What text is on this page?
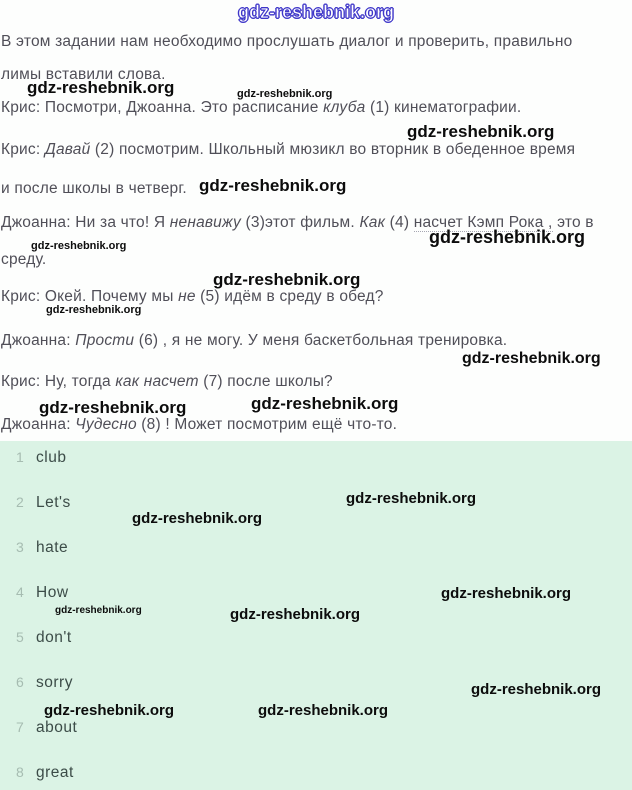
gdz-reshebnik.org

В этом задании нам необходимо прослушать диалог и проверить, правильно

лимы вставили слова.

Крис: Посмотри, Джоанна. Это расписание клуба (1) кинематографии.

Крис: Давай (2) посмотрим. Школьный мюзикл во вторник в обеденное время

и после школы в четверг.

Джоанна: Ни за что! Я ненавижу (3)этот фильм. Как (4) насчет Кэмп Рока , это в

среду.

Крис: Окей. Почему мы не (5) идём в среду в обед?

Джоанна: Прости (6) , я не могу. У меня баскетбольная тренировка.

Крис: Ну, тогда как насчет (7) после школы?

Джоанна: Чудесно (8) ! Может посмотрим ещё что-то.

gdz-reshebnik.org	gdz-reshebnik.org
gdz-reshebnik.org
gdz-reshebnik.org
gdz-reshebnik.org
gdz-reshebnik.org
gdz-reshebnik.org
gdz-reshebnik.org
gdz-reshebnik.org
gdz-reshebnik.org	gdz-reshebnik.org
1 club
2 Let's
3 hate
4 How
5 don't
6 sorry
7 about
8 great
gdz-reshebnik.org
gdz-reshebnik.org
gdz-reshebnik.org
gdz-reshebnik.org	gdz-reshebnik.org
gdz-reshebnik.org
gdz-reshebnik.org	gdz-reshebnik.org
